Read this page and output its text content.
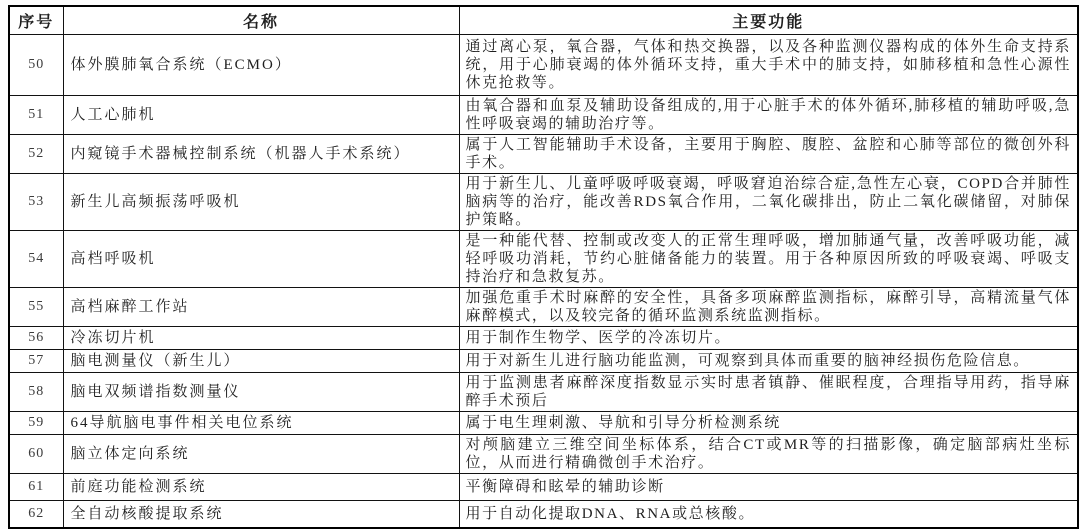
序号	名称	主要功能
50	体外膜肺氧合系统（ECMO）	通过离心泵，氧合器，气体和热交换器，以及各种监测仪器构成的体外生命支持系统，用于心肺衰竭的体外循环支持，重大手术中的肺支持，如肺移植和急性心源性休克抢救等。
51	人工心肺机	由氧合器和血泵及辅助设备组成的,用于心脏手术的体外循环,肺移植的辅助呼吸,急性呼吸衰竭的辅助治疗等。
52	内窥镜手术器械控制系统（机器人手术系统）	属于人工智能辅助手术设备，主要用于胸腔、腹腔、盆腔和心肺等部位的微创外科手术。
53	新生儿高频振荡呼吸机	用于新生儿、儿童呼吸呼吸衰竭，呼吸窘迫治综合症,急性左心衰，COPD合并肺性脑病等的治疗，能改善RDS氧合作用，二氧化碳排出，防止二氧化碳储留，对肺保护策略。
54	高档呼吸机	是一种能代替、控制或改变人的正常生理呼吸，增加肺通气量，改善呼吸功能，减轻呼吸功消耗，节约心脏储备能力的装置。用于各种原因所致的呼吸衰竭、呼吸支持治疗和急救复苏。
55	高档麻醉工作站	加强危重手术时麻醉的安全性，具备多项麻醉监测指标，麻醉引导，高精流量气体麻醉模式，以及较完备的循环监测系统监测指标。
56	冷冻切片机	用于制作生物学、医学的冷冻切片。
57	脑电测量仪（新生儿）	用于对新生儿进行脑功能监测，可观察到具体而重要的脑神经损伤危险信息。
58	脑电双频谱指数测量仪	用于监测患者麻醉深度指数显示实时患者镇静、催眠程度，合理指导用药，指导麻醉手术预后
59	64导航脑电事件相关电位系统	属于电生理刺激、导航和引导分析检测系统
60	脑立体定向系统	对颅脑建立三维空间坐标体系，结合CT或MR等的扫描影像，确定脑部病灶坐标位，从而进行精确微创手术治疗。
61	前庭功能检测系统	平衡障碍和眩晕的辅助诊断
62	全自动核酸提取系统	用于自动化提取DNA、RNA或总核酸。
